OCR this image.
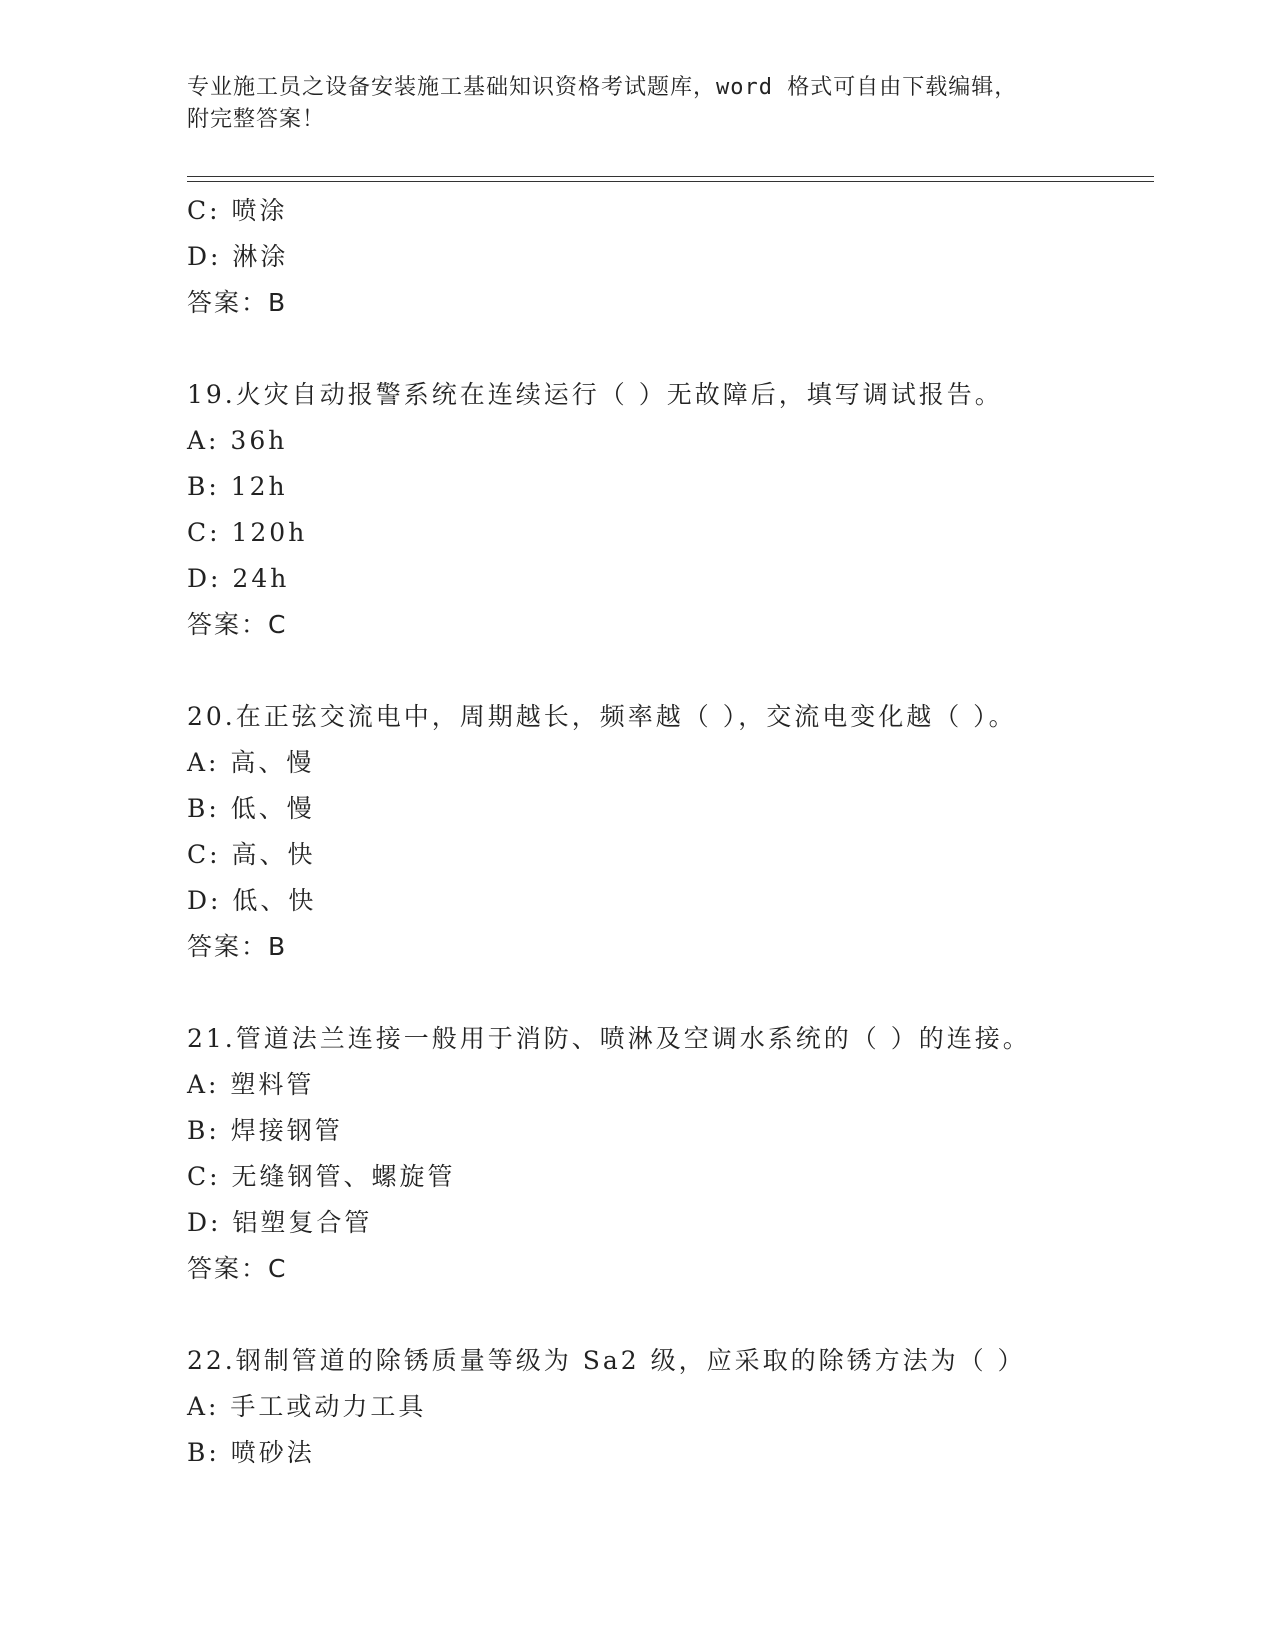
专业施工员之设备安装施工基础知识资格考试题库，word 格式可自由下载编辑，
附完整答案！
C: 喷涂
D: 淋涂
答案：B
19.火灾自动报警系统在连续运行（ ）无故障后，填写调试报告。
A: 36h
B: 12h
C: 120h
D: 24h
答案：C
20.在正弦交流电中，周期越长，频率越（ ），交流电变化越（ ）。
A: 高、慢
B: 低、慢
C: 高、快
D: 低、快
答案：B
21.管道法兰连接一般用于消防、喷淋及空调水系统的（ ）的连接。
A: 塑料管
B: 焊接钢管
C: 无缝钢管、螺旋管
D: 铝塑复合管
答案：C
22.钢制管道的除锈质量等级为 Sa2 级，应采取的除锈方法为（ ）
A: 手工或动力工具
B: 喷砂法
